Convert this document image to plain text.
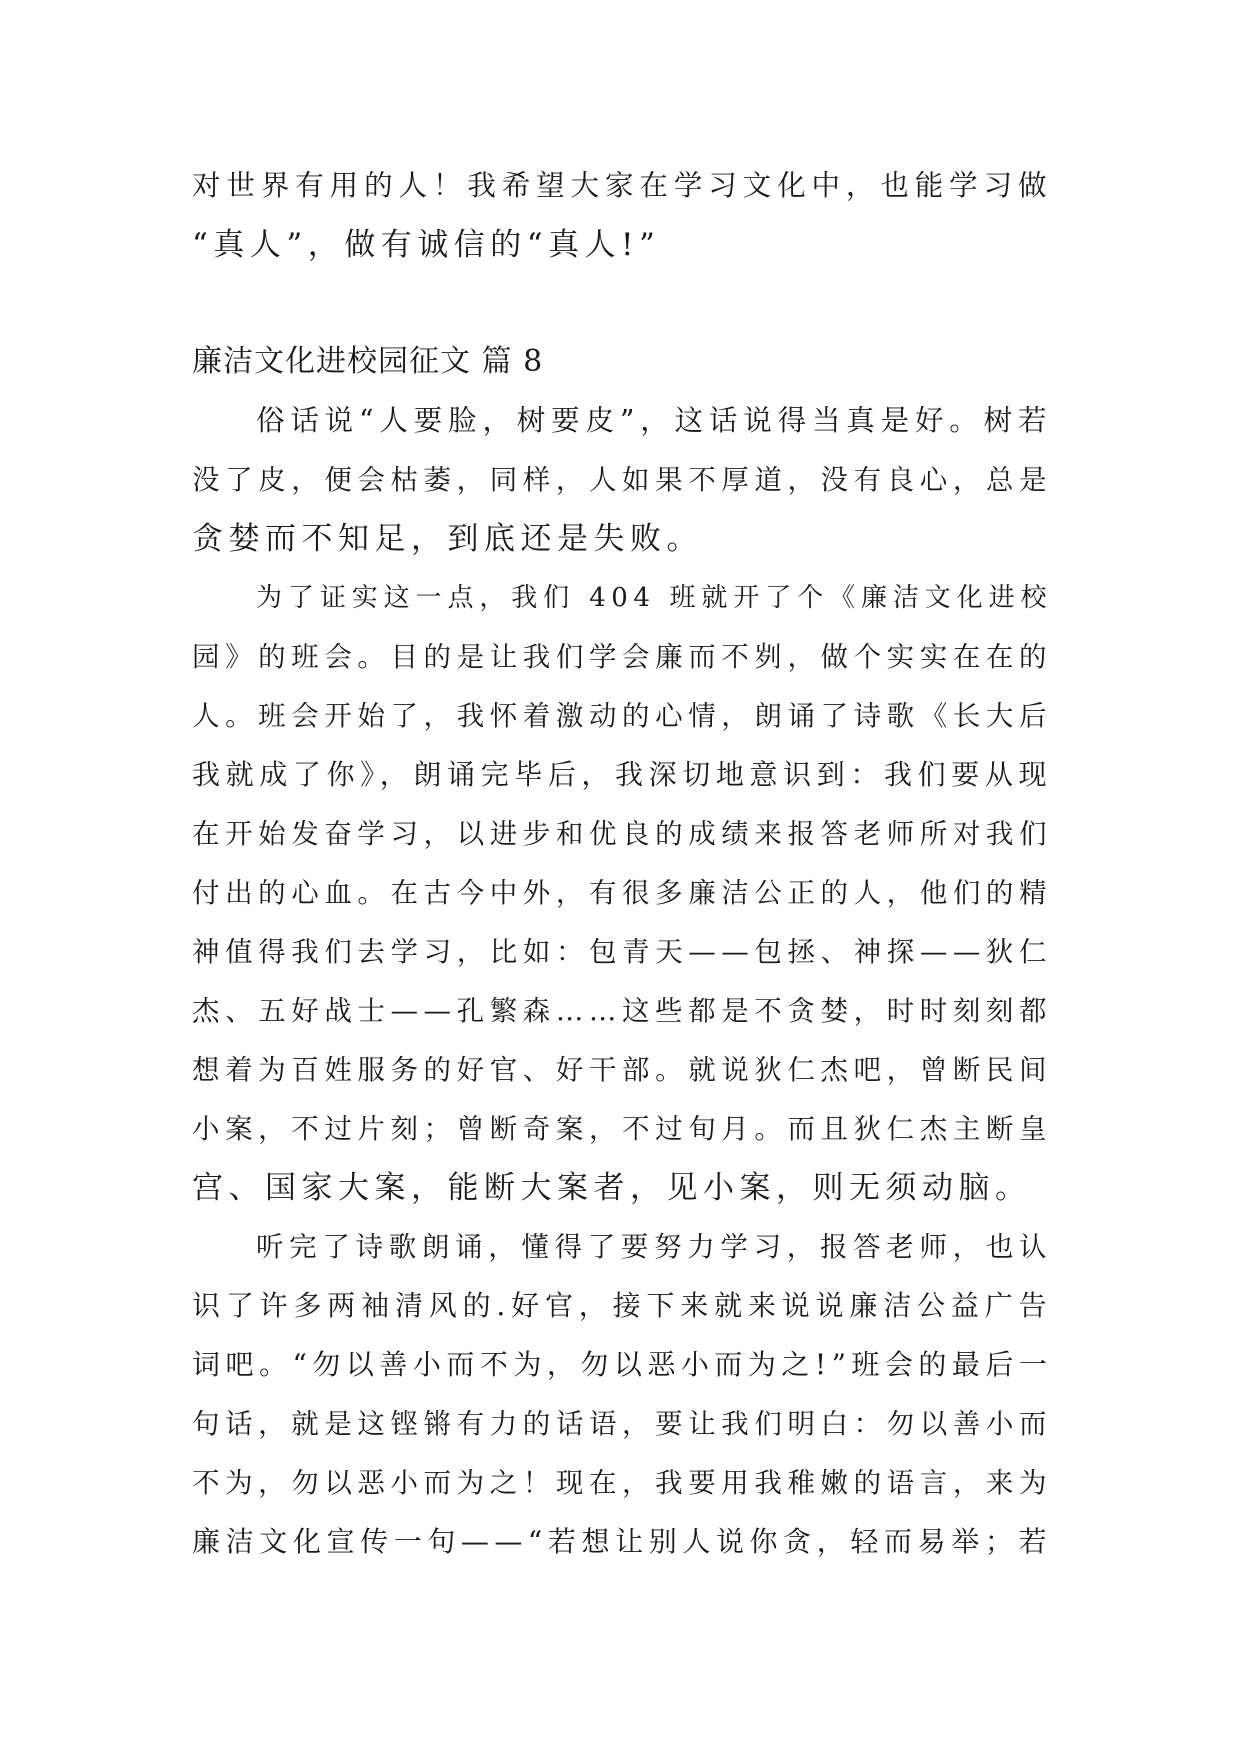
对世界有用的人！我希望大家在学习文化中，也能学习做
“真人”，做有诚信的“真人!”
廉洁文化进校园征文 篇 8
俗话说“人要脸，树要皮”，这话说得当真是好。树若
没了皮，便会枯萎，同样，人如果不厚道，没有良心，总是
贪婪而不知足，到底还是失败。
为了证实这一点，我们 404 班就开了个《廉洁文化进校
园》的班会。目的是让我们学会廉而不刿，做个实实在在的
人。班会开始了，我怀着激动的心情，朗诵了诗歌《长大后
我就成了你》，朗诵完毕后，我深切地意识到：我们要从现
在开始发奋学习，以进步和优良的成绩来报答老师所对我们
付出的心血。在古今中外，有很多廉洁公正的人，他们的精
神值得我们去学习，比如：包青天——包拯、神探——狄仁
杰、五好战士——孔繁森……这些都是不贪婪，时时刻刻都
想着为百姓服务的好官、好干部。就说狄仁杰吧，曾断民间
小案，不过片刻；曾断奇案，不过旬月。而且狄仁杰主断皇
宫、国家大案，能断大案者，见小案，则无须动脑。
听完了诗歌朗诵，懂得了要努力学习，报答老师，也认
识了许多两袖清风的.好官，接下来就来说说廉洁公益广告
词吧。“勿以善小而不为，勿以恶小而为之!”班会的最后一
句话，就是这铿锵有力的话语，要让我们明白：勿以善小而
不为，勿以恶小而为之！现在，我要用我稚嫩的语言，来为
廉洁文化宣传一句——“若想让别人说你贪，轻而易举；若
